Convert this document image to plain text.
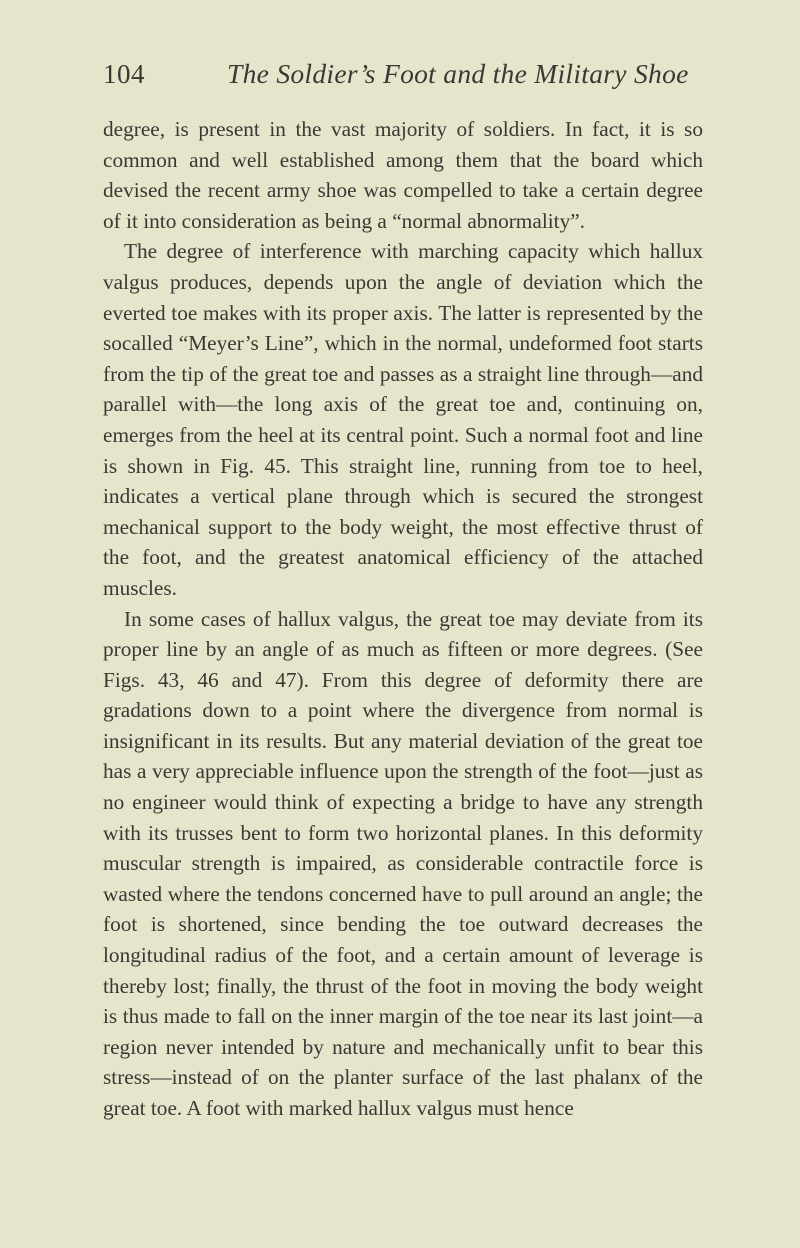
104	The Soldier’s Foot and the Military Shoe

degree, is present in the vast majority of soldiers. In fact, it is so common and well established among them that the board which devised the recent army shoe was compelled to take a certain degree of it into consideration as being a “normal abnormality”.

The degree of interference with marching capacity which hallux valgus produces, depends upon the angle of deviation which the everted toe makes with its proper axis. The latter is represented by the socalled “Meyer’s Line”, which in the normal, undeformed foot starts from the tip of the great toe and passes as a straight line through—and parallel with—the long axis of the great toe and, continuing on, emerges from the heel at its central point. Such a normal foot and line is shown in Fig. 45. This straight line, running from toe to heel, indicates a vertical plane through which is secured the strongest mechanical support to the body weight, the most effective thrust of the foot, and the greatest anatomical efficiency of the attached muscles.

In some cases of hallux valgus, the great toe may deviate from its proper line by an angle of as much as fifteen or more degrees. (See Figs. 43, 46 and 47). From this degree of deformity there are gradations down to a point where the divergence from normal is insignificant in its results. But any material deviation of the great toe has a very appreciable influence upon the strength of the foot—just as no engineer would think of expecting a bridge to have any strength with its trusses bent to form two horizontal planes. In this deformity muscular strength is impaired, as considerable contractile force is wasted where the tendons concerned have to pull around an angle; the foot is shortened, since bending the toe outward decreases the longitudinal radius of the foot, and a certain amount of leverage is thereby lost; finally, the thrust of the foot in moving the body weight is thus made to fall on the inner margin of the toe near its last joint—a region never intended by nature and mechanically unfit to bear this stress—instead of on the planter surface of the last phalanx of the great toe. A foot with marked hallux valgus must hence
